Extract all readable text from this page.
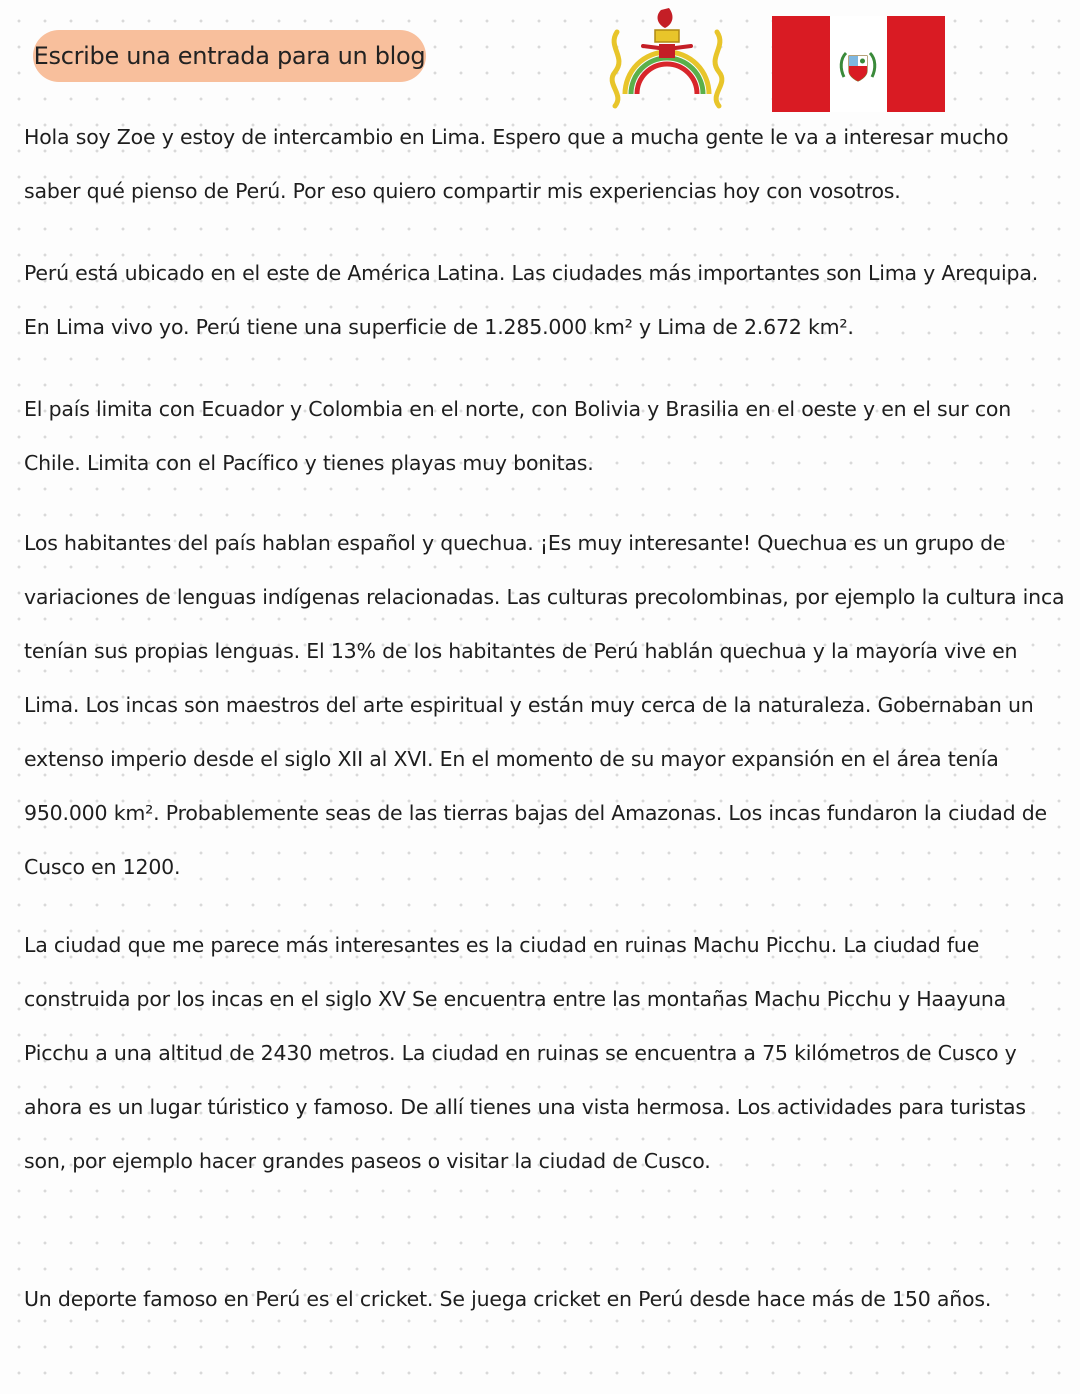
Escribe una entrada para un blog

Hola soy Zoe y estoy de intercambio en Lima. Espero que a mucha gente le va a interesar mucho saber qué pienso de Perú. Por eso quiero compartir mis experiencias hoy con vosotros.

Perú está ubicado en el este de América Latina. Las ciudades más importantes son Lima y Arequipa. En Lima vivo yo. Perú tiene una superficie de 1.285.000 km² y Lima de 2.672 km².

El país limita con Ecuador y Colombia en el norte, con Bolivia y Brasilia en el oeste y en el sur con Chile. Limita con el Pacífico y tienes playas muy bonitas.

Los habitantes del país hablan español y quechua. ¡Es muy interesante! Quechua es un grupo de variaciones de lenguas indígenas relacionadas. Las culturas precolombinas, por ejemplo la cultura inca tenían sus propias lenguas. El 13% de los habitantes de Perú hablán quechua y la mayoría vive en Lima. Los incas son maestros del arte espiritual y están muy cerca de la naturaleza. Gobernaban un extenso imperio desde el siglo XII al XVI. En el momento de su mayor expansión en el área tenía 950.000 km². Probablemente seas de las tierras bajas del Amazonas. Los incas fundaron la ciudad de Cusco en 1200.

La ciudad que me parece más interesantes es la ciudad en ruinas Machu Picchu. La ciudad fue construida por los incas en el siglo XV Se encuentra entre las montañas Machu Picchu y Haayuna Picchu a una altitud de 2430 metros. La ciudad en ruinas se encuentra a 75 kilómetros de Cusco y ahora es un lugar túristico y famoso. De allí tienes una vista hermosa. Los actividades para turistas son, por ejemplo hacer grandes paseos o visitar la ciudad de Cusco.

Un deporte famoso en Perú es el cricket. Se juega cricket en Perú desde hace más de 150 años.
